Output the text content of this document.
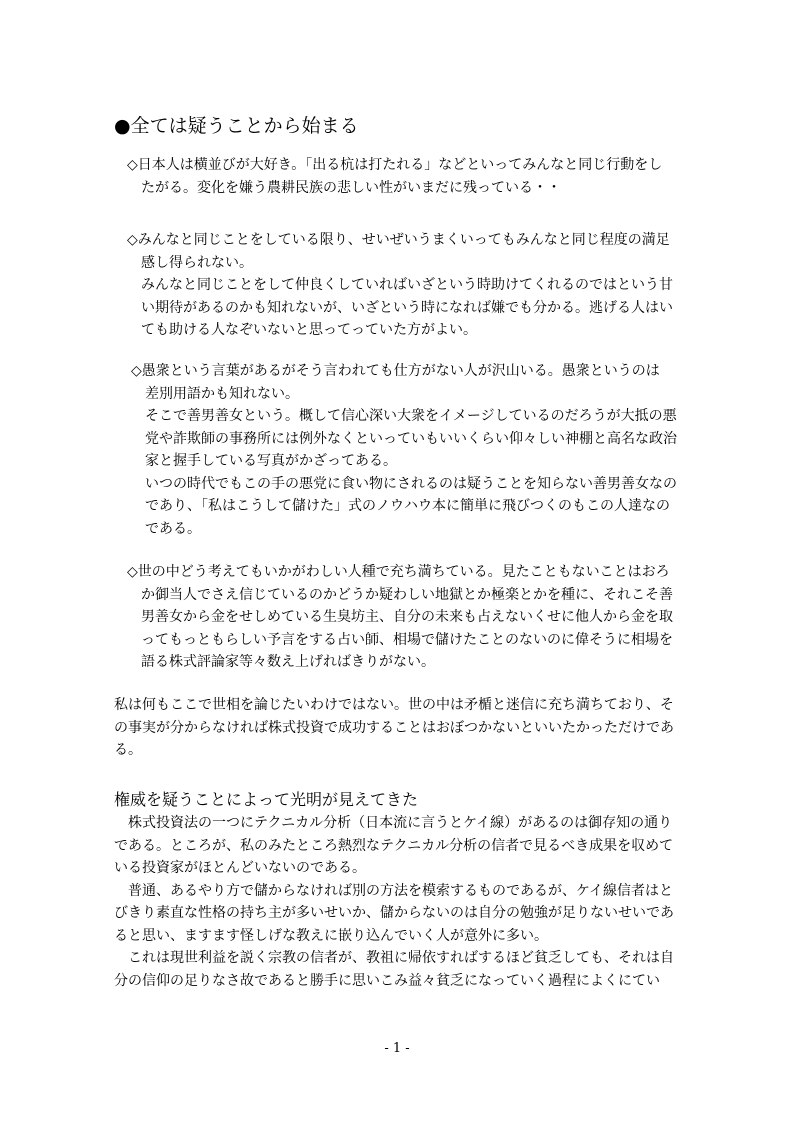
●全ては疑うことから始まる
◇日本人は横並びが大好き。「出る杭は打たれる」などといってみんなと同じ行動をし
たがる。変化を嫌う農耕民族の悲しい性がいまだに残っている・・
◇みんなと同じことをしている限り、せいぜいうまくいってもみんなと同じ程度の満足
感し得られない。
みんなと同じことをして仲良くしていればいざという時助けてくれるのではという甘
い期待があるのかも知れないが、いざという時になれば嫌でも分かる。逃げる人はい
ても助ける人なぞいないと思ってっていた方がよい。
◇愚衆という言葉があるがそう言われても仕方がない人が沢山いる。愚衆というのは
差別用語かも知れない。
そこで善男善女という。概して信心深い大衆をイメージしているのだろうが大抵の悪
党や詐欺師の事務所には例外なくといっていもいいくらい仰々しい神棚と高名な政治
家と握手している写真がかざってある。
いつの時代でもこの手の悪党に食い物にされるのは疑うことを知らない善男善女なの
であり、「私はこうして儲けた」式のノウハウ本に簡単に飛びつくのもこの人達なの
である。
◇世の中どう考えてもいかがわしい人種で充ち満ちている。見たこともないことはおろ
か御当人でさえ信じているのかどうか疑わしい地獄とか極楽とかを種に、それこそ善
男善女から金をせしめている生臭坊主、自分の未来も占えないくせに他人から金を取
ってもっともらしい予言をする占い師、相場で儲けたことのないのに偉そうに相場を
語る株式評論家等々数え上げればきりがない。
私は何もここで世相を論じたいわけではない。世の中は矛楯と迷信に充ち満ちており、そ
の事実が分からなければ株式投資で成功することはおぼつかないといいたかっただけであ
る。
権威を疑うことによって光明が見えてきた
　株式投資法の一つにテクニカル分析（日本流に言うとケイ線）があるのは御存知の通り
である。ところが、私のみたところ熱烈なテクニカル分析の信者で見るべき成果を収めて
いる投資家がほとんどいないのである。
　普通、あるやり方で儲からなければ別の方法を模索するものであるが、ケイ線信者はと
びきり素直な性格の持ち主が多いせいか、儲からないのは自分の勉強が足りないせいであ
ると思い、ますます怪しげな教えに嵌り込んでいく人が意外に多い。
　これは現世利益を説く宗教の信者が、教祖に帰依すればするほど貧乏しても、それは自
分の信仰の足りなさ故であると勝手に思いこみ益々貧乏になっていく過程によくにてい
- 1 -
